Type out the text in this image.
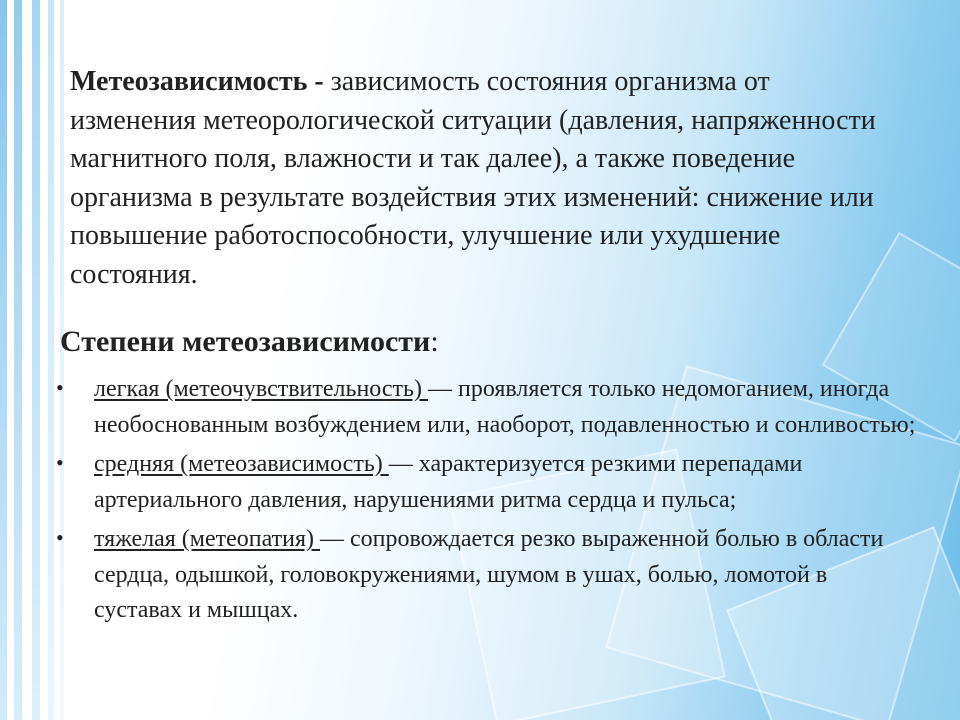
Метеозависимость - зависимость состояния организма от изменения метеорологической ситуации (давления, напряженности магнитного поля, влажности и так далее), а также поведение организма в результате воздействия этих изменений: снижение или повышение работоспособности, улучшение или ухудшение состояния.

Степени метеозависимости:
• легкая (метеочувствительность) — проявляется только недомоганием, иногда необоснованным возбуждением или, наоборот, подавленностью и сонливостью;
• средняя (метеозависимость) — характеризуется резкими перепадами артериального давления, нарушениями ритма сердца и пульса;
• тяжелая (метеопатия) — сопровождается резко выраженной болью в области сердца, одышкой, головокружениями, шумом в ушах, болью, ломотой в суставах и мышцах.
